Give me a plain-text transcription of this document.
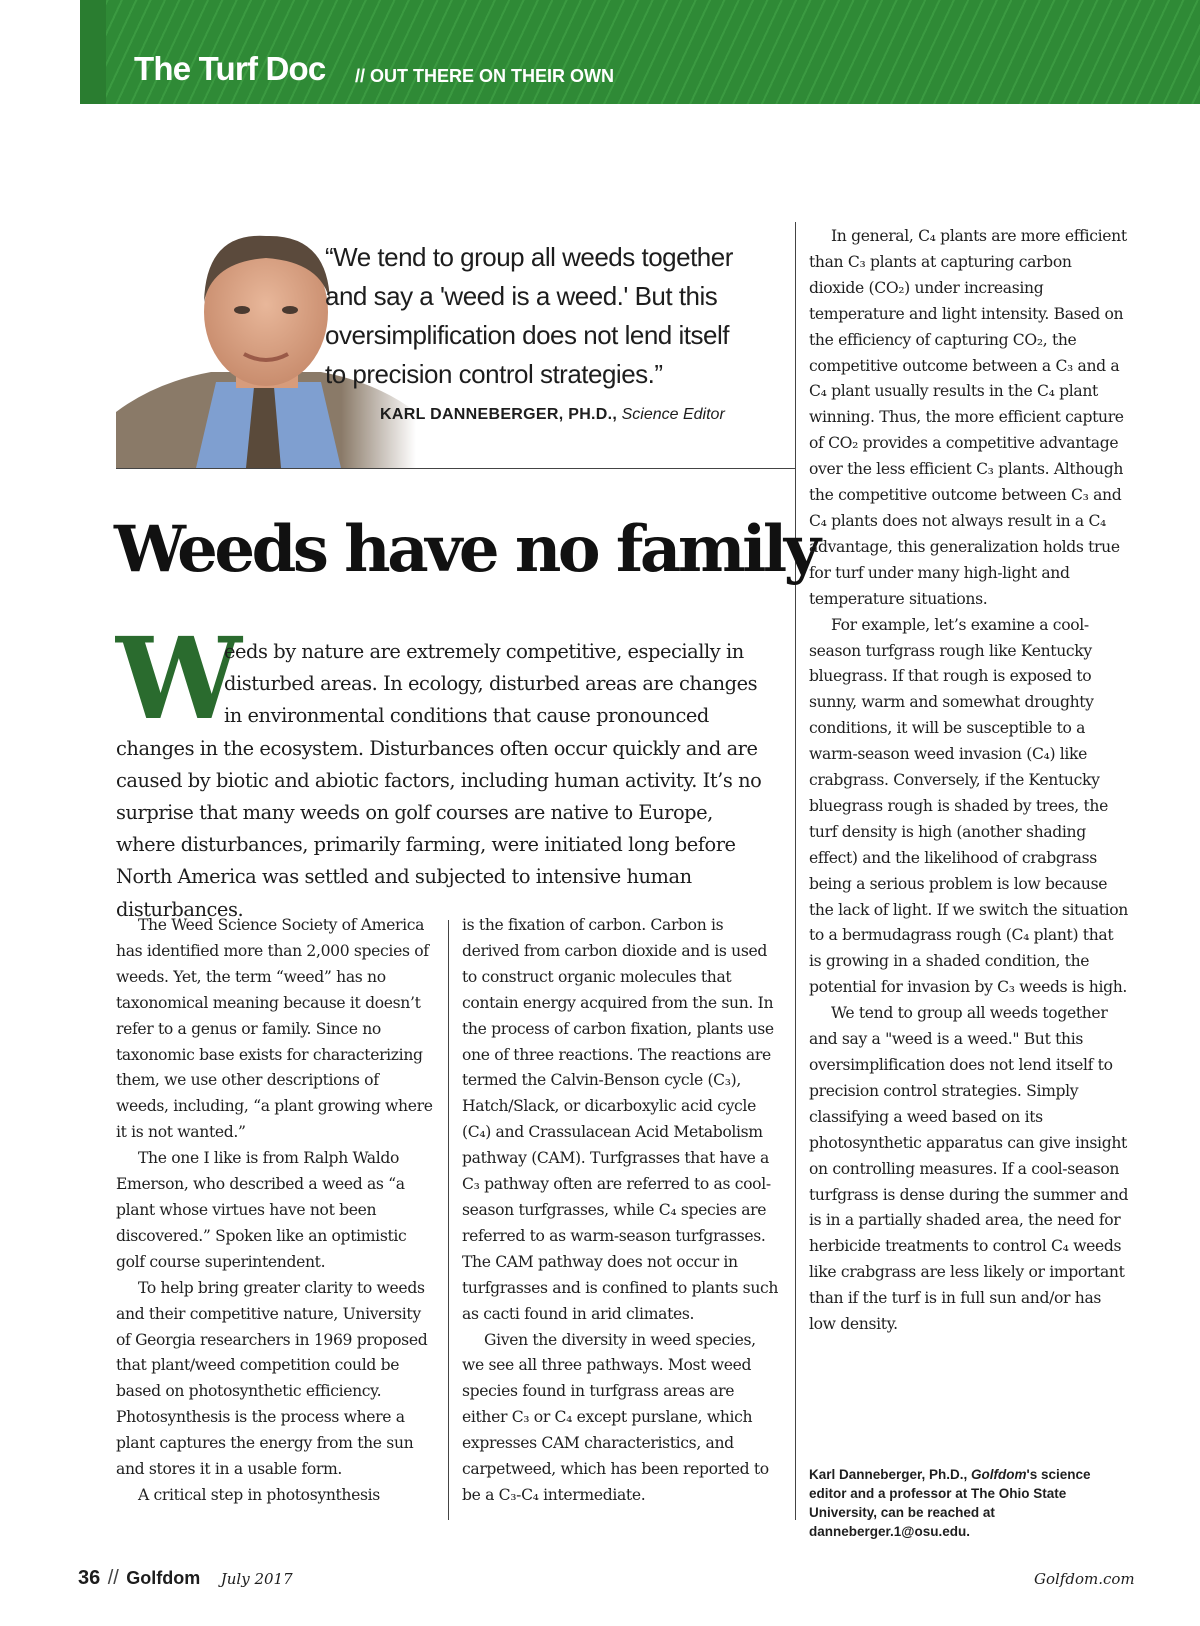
The Turf Doc // OUT THERE ON THEIR OWN
“We tend to group all weeds together and say a 'weed is a weed.' But this oversimplification does not lend itself to precision control strategies.”
KARL DANNEBERGER, PH.D., Science Editor
Weeds have no family
W
eeds by nature are extremely competitive, especially in disturbed areas. In ecology, disturbed areas are changes in environmental conditions that cause pronounced changes in the ecosystem. Disturbances often occur quickly and are caused by biotic and abiotic factors, including human activity. It’s no surprise that many weeds on golf courses are native to Europe, where disturbances, primarily farming, were initiated long before North America was settled and subjected to intensive human disturbances.

The Weed Science Society of America has identified more than 2,000 species of weeds. Yet, the term “weed” has no taxonomical meaning because it doesn’t refer to a genus or family. Since no taxonomic base exists for characterizing them, we use other descriptions of weeds, including, “a plant growing where it is not wanted.”

The one I like is from Ralph Waldo Emerson, who described a weed as “a plant whose virtues have not been discovered.” Spoken like an optimistic golf course superintendent.

To help bring greater clarity to weeds and their competitive nature, University of Georgia researchers in 1969 proposed that plant/weed competition could be based on photosynthetic efficiency. Photosynthesis is the process where a plant captures the energy from the sun and stores it in a usable form.

A critical step in photosynthesis

is the fixation of carbon. Carbon is derived from carbon dioxide and is used to construct organic molecules that contain energy acquired from the sun. In the process of carbon fixation, plants use one of three reactions. The reactions are termed the Calvin-Benson cycle (C₃), Hatch/Slack, or dicarboxylic acid cycle (C₄) and Crassulacean Acid Metabolism pathway (CAM). Turfgrasses that have a C₃ pathway often are referred to as cool-season turfgrasses, while C₄ species are referred to as warm-season turfgrasses. The CAM pathway does not occur in turfgrasses and is confined to plants such as cacti found in arid climates.

Given the diversity in weed species, we see all three pathways. Most weed species found in turfgrass areas are either C₃ or C₄ except purslane, which expresses CAM characteristics, and carpetweed, which has been reported to be a C₃-C₄ intermediate.

In general, C₄ plants are more efficient than C₃ plants at capturing carbon dioxide (CO₂) under increasing temperature and light intensity. Based on the efficiency of capturing CO₂, the competitive outcome between a C₃ and a C₄ plant usually results in the C₄ plant winning. Thus, the more efficient capture of CO₂ provides a competitive advantage over the less efficient C₃ plants. Although the competitive outcome between C₃ and C₄ plants does not always result in a C₄ advantage, this generalization holds true for turf under many high-light and temperature situations.

For example, let’s examine a cool-season turfgrass rough like Kentucky bluegrass. If that rough is exposed to sunny, warm and somewhat droughty conditions, it will be susceptible to a warm-season weed invasion (C₄) like crabgrass. Conversely, if the Kentucky bluegrass rough is shaded by trees, the turf density is high (another shading effect) and the likelihood of crabgrass being a serious problem is low because the lack of light. If we switch the situation to a bermudagrass rough (C₄ plant) that is growing in a shaded condition, the potential for invasion by C₃ weeds is high.

We tend to group all weeds together and say a "weed is a weed." But this oversimplification does not lend itself to precision control strategies. Simply classifying a weed based on its photosynthetic apparatus can give insight on controlling measures. If a cool-season turfgrass is dense during the summer and is in a partially shaded area, the need for herbicide treatments to control C₄ weeds like crabgrass are less likely or important than if the turf is in full sun and/or has low density.

Karl Danneberger, Ph.D., Golfdom's science editor and a professor at The Ohio State University, can be reached at danneberger.1@osu.edu.
36 // Golfdom July 2017	Golfdom.com
